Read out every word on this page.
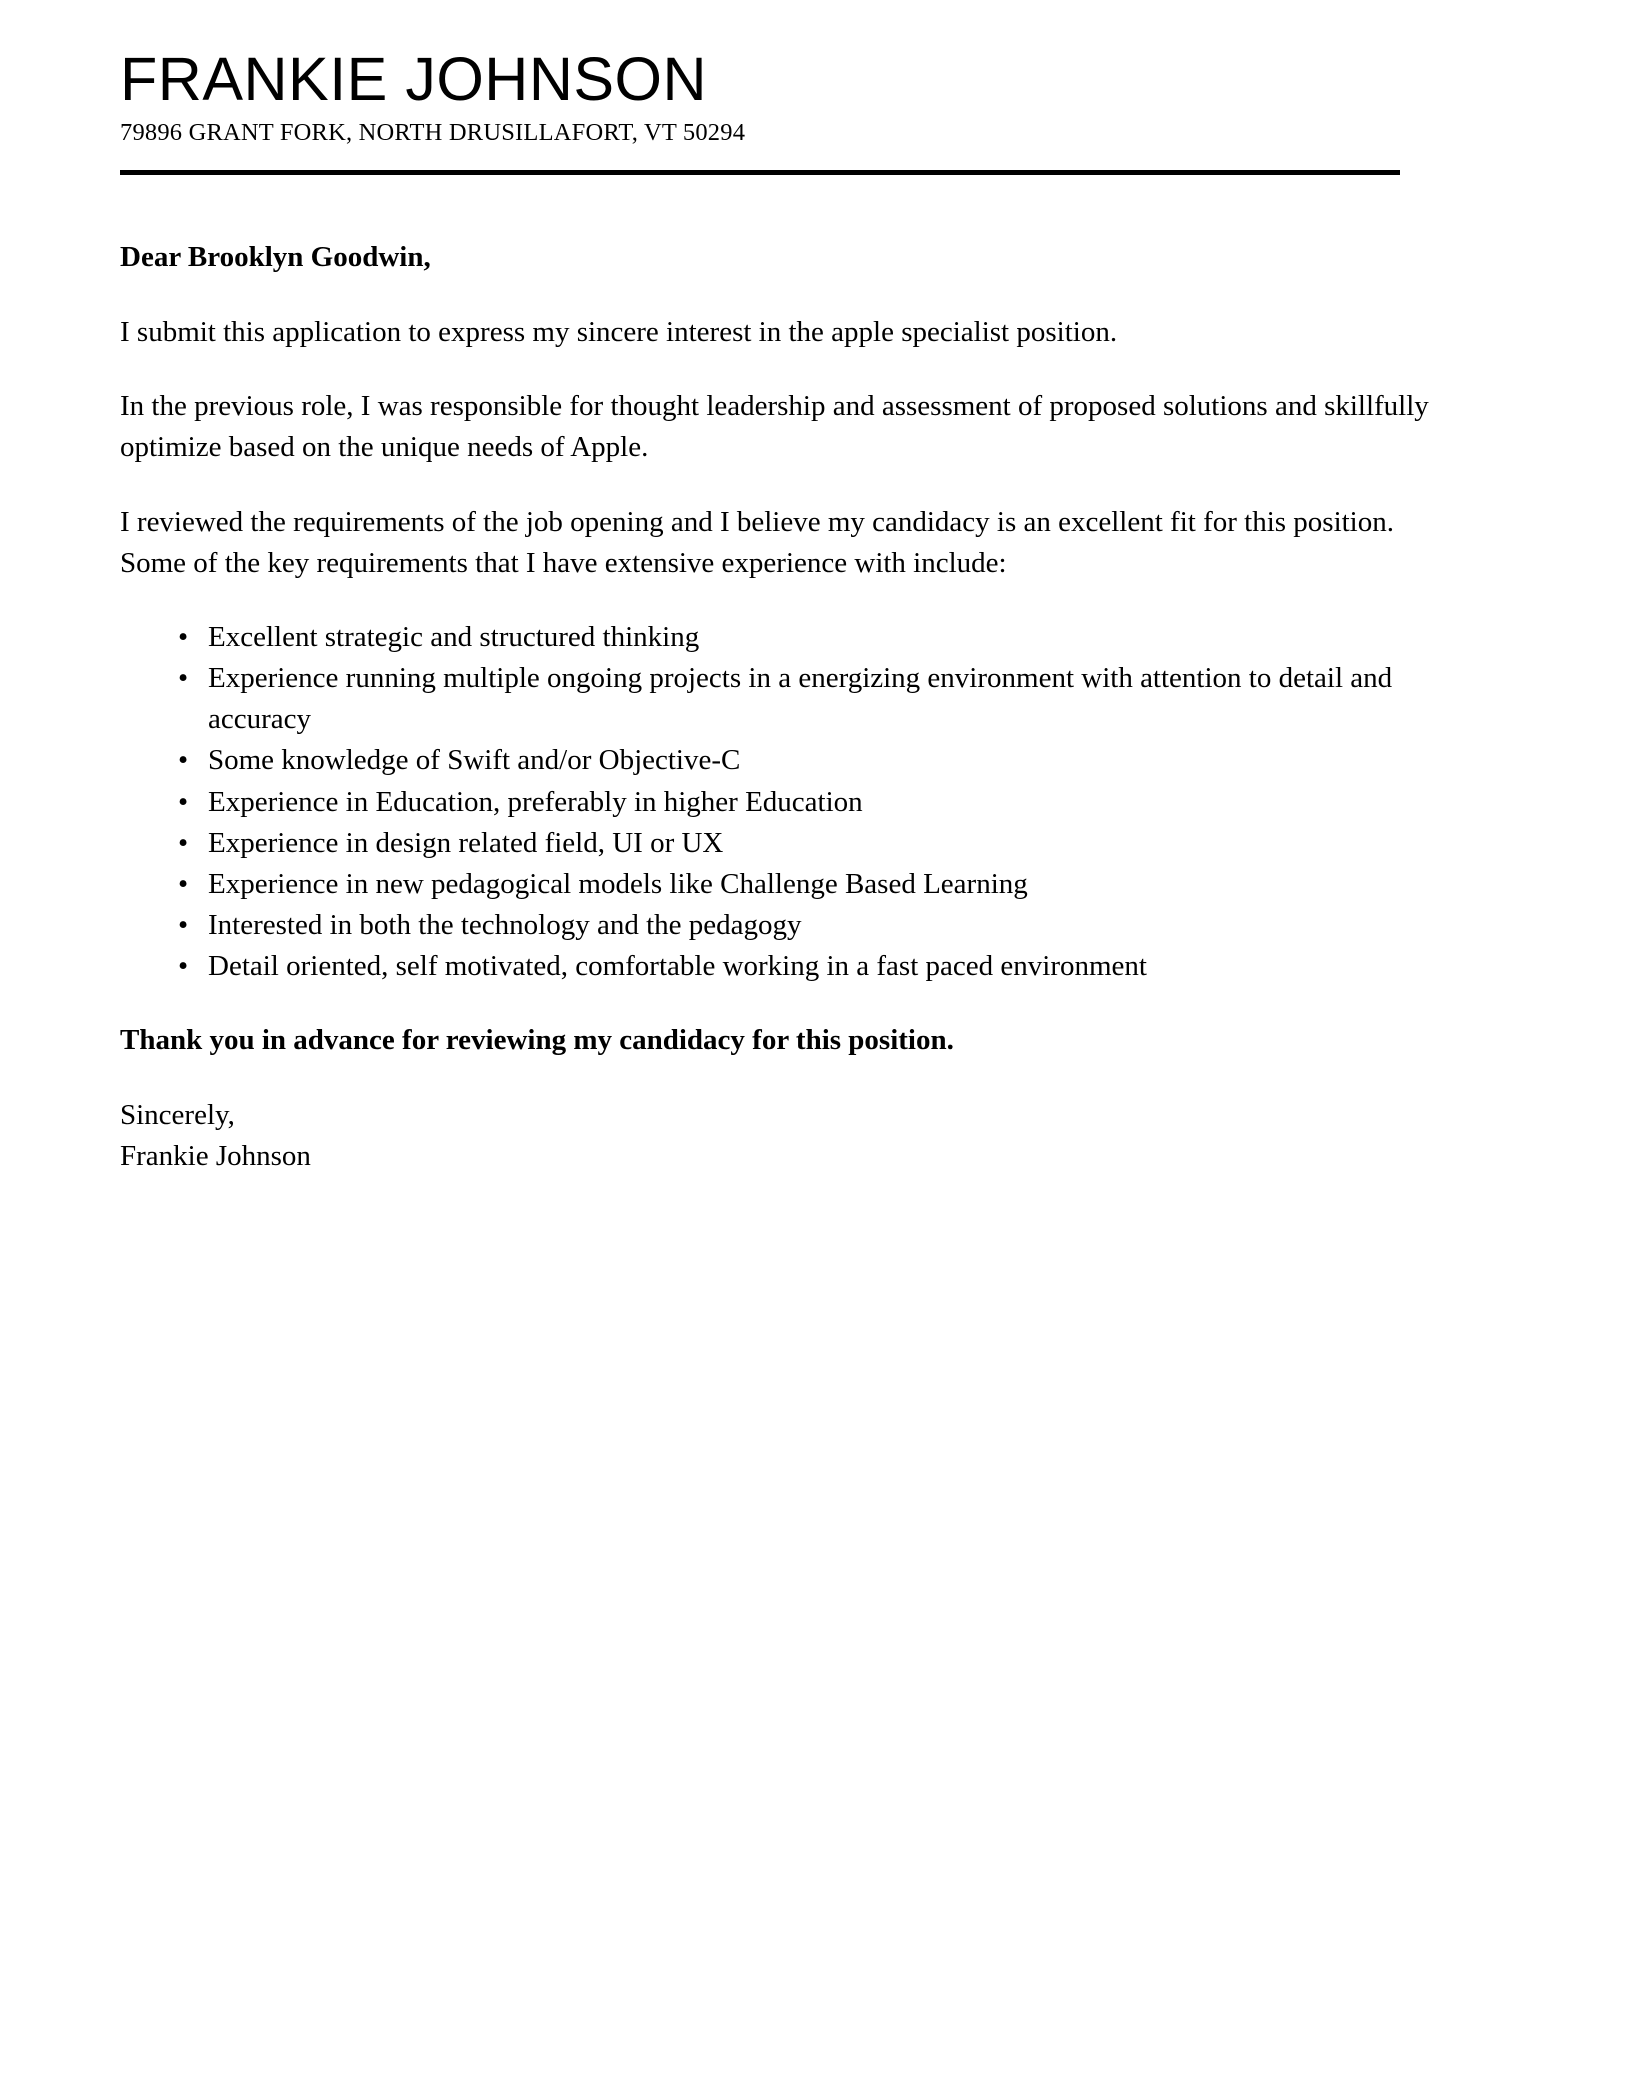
FRANKIE JOHNSON
79896 GRANT FORK, NORTH DRUSILLAFORT, VT 50294

Dear Brooklyn Goodwin,

I submit this application to express my sincere interest in the apple specialist position.

In the previous role, I was responsible for thought leadership and assessment of proposed solutions and skillfully optimize based on the unique needs of Apple.

I reviewed the requirements of the job opening and I believe my candidacy is an excellent fit for this position. Some of the key requirements that I have extensive experience with include:

• Excellent strategic and structured thinking
• Experience running multiple ongoing projects in a energizing environment with attention to detail and accuracy
• Some knowledge of Swift and/or Objective-C
• Experience in Education, preferably in higher Education
• Experience in design related field, UI or UX
• Experience in new pedagogical models like Challenge Based Learning
• Interested in both the technology and the pedagogy
• Detail oriented, self motivated, comfortable working in a fast paced environment

Thank you in advance for reviewing my candidacy for this position.

Sincerely,
Frankie Johnson
